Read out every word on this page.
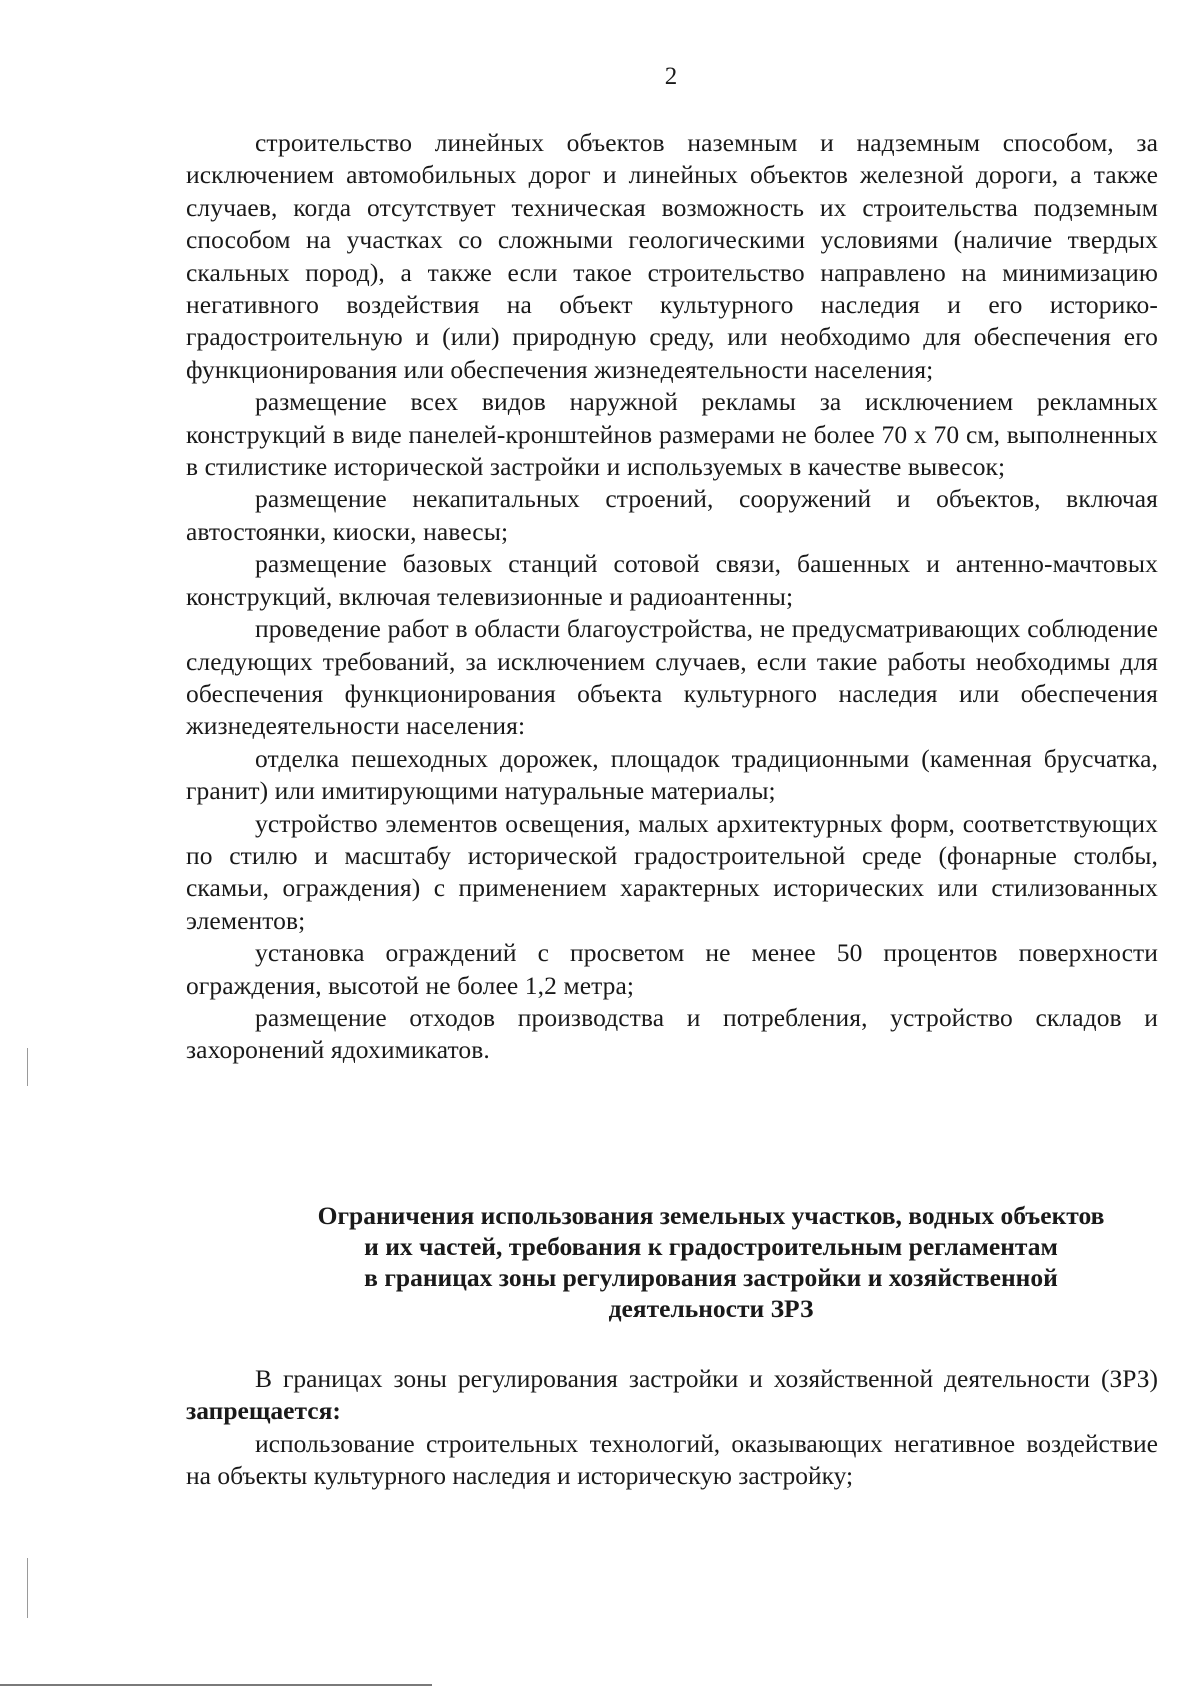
2

строительство линейных объектов наземным и надземным способом, за исключением автомобильных дорог и линейных объектов железной дороги, а также случаев, когда отсутствует техническая возможность их строительства подземным способом на участках со сложными геологическими условиями (наличие твердых скальных пород), а также если такое строительство направлено на минимизацию негативного воздействия на объект культурного наследия и его историко-градостроительную и (или) природную среду, или необходимо для обеспечения его функционирования или обеспечения жизнедеятельности населения;

размещение всех видов наружной рекламы за исключением рекламных конструкций в виде панелей-кронштейнов размерами не более 70 х 70 см, выполненных в стилистике исторической застройки и используемых в качестве вывесок;

размещение некапитальных строений, сооружений и объектов, включая автостоянки, киоски, навесы;

размещение базовых станций сотовой связи, башенных и антенно-мачтовых конструкций, включая телевизионные и радиоантенны;

проведение работ в области благоустройства, не предусматривающих соблюдение следующих требований, за исключением случаев, если такие работы необходимы для обеспечения функционирования объекта культурного наследия или обеспечения жизнедеятельности населения:

отделка пешеходных дорожек, площадок традиционными (каменная брусчатка, гранит) или имитирующими натуральные материалы;

устройство элементов освещения, малых архитектурных форм, соответствующих по стилю и масштабу исторической градостроительной среде (фонарные столбы, скамьи, ограждения) с применением характерных исторических или стилизованных элементов;

установка ограждений с просветом не менее 50 процентов поверхности ограждения, высотой не более 1,2 метра;

размещение отходов производства и потребления, устройство складов и захоронений ядохимикатов.

Ограничения использования земельных участков, водных объектов
и их частей, требования к градостроительным регламентам
в границах зоны регулирования застройки и хозяйственной
деятельности ЗРЗ

В границах зоны регулирования застройки и хозяйственной деятельности (ЗРЗ) запрещается:

использование строительных технологий, оказывающих негативное воздействие на объекты культурного наследия и историческую застройку;
